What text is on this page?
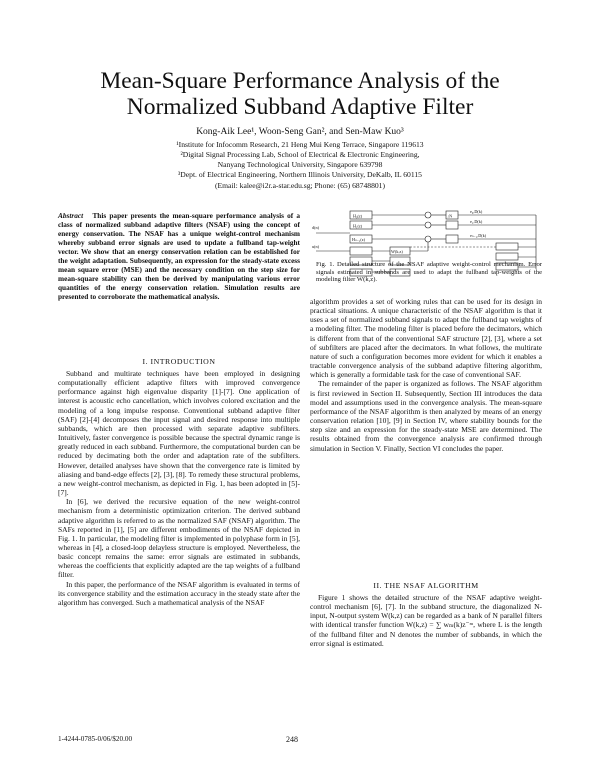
Mean-Square Performance Analysis of the
Normalized Subband Adaptive Filter
Kong-Aik Lee¹, Woon-Seng Gan², and Sen-Maw Kuo³
¹Institute for Infocomm Research, 21 Heng Mui Keng Terrace, Singapore 119613
²Digital Signal Processing Lab, School of Electrical & Electronic Engineering,
Nanyang Technological University, Singapore 639798
³Dept. of Electrical Engineering, Northern Illinois University, DeKalb, IL 60115
(Email: kalee@i2r.a-star.edu.sg; Phone: (65) 68748801)
Abstract This paper presents the mean-square performance analysis of a class of normalized subband adaptive filters (NSAF) using the concept of energy conservation. The NSAF has a unique weight-control mechanism whereby subband error signals are used to update a fullband tap-weight vector. We show that an energy conservation relation can be established for the weight adaptation. Subsequently, an expression for the steady-state excess mean square error (MSE) and the necessary condition on the step size for mean-square stability can then be derived by manipulating various error quantities of the energy conservation relation. Simulation results are presented to corroborate the mathematical analysis.
I. INTRODUCTION

Subband and multirate techniques have been employed in designing computationally efficient adaptive filters with improved convergence performance against high eigenvalue disparity [1]-[7]. One application of interest is acoustic echo cancellation, which involves colored excitation and the modeling of a long impulse response. Conventional subband adaptive filter (SAF) [2]-[4] decomposes the input signal and desired response into multiple subbands, which are then processed with separate adaptive subfilters. Intuitively, faster convergence is possible because the spectral dynamic range is greatly reduced in each subband. Furthermore, the computational burden can be reduced by decimating both the order and adaptation rate of the subfilters. However, detailed analyses have shown that the convergence rate is limited by aliasing and band-edge effects [2], [3], [8]. To remedy these structural problems, a new weight-control mechanism, as depicted in Fig. 1, has been adopted in [5]-[7].

In [6], we derived the recursive equation of the new weight-control mechanism from a deterministic optimization criterion. The derived subband adaptive algorithm is referred to as the normalized SAF (NSAF) algorithm. The SAFs reported in [1], [5] are different embodiments of the NSAF depicted in Fig. 1. In particular, the modeling filter is implemented in polyphase form in [5], whereas in [4], a closed-loop delayless structure is employed. Nevertheless, the basic concept remains the same: error signals are estimated in subbands, whereas the coefficients that explicitly adapted are the tap weights of a fullband filter.

In this paper, the performance of the NSAF algorithm is evaluated in terms of its convergence stability and the estimation accuracy in the steady state after the algorithm has converged. Such a mathematical analysis of the NSAF

d(n)
u(n)
H₀(z)
H₁(z)
Hₙ₋₁(z)
W(k,z)
↓N
e₀,D(k)
e₁,D(k)
eₙ₋₁,D(k)
Fig. 1. Detailed structure of the NSAF adaptive weight-control mechanism. Error signals estimated in subbands are used to adapt the fullband tap-weights of the modeling filter W(k,z).

algorithm provides a set of working rules that can be used for its design in practical situations. A unique characteristic of the NSAF algorithm is that it uses a set of normalized subband signals to adapt the fullband tap weights of a modeling filter. The modeling filter is placed before the decimators, which is different from that of the conventional SAF structure [2], [3], where a set of subfilters are placed after the decimators. In what follows, the multirate nature of such a configuration becomes more evident for which it enables a tractable convergence analysis of the subband adaptive filtering algorithm, which is generally a formidable task for the case of conventional SAF.

The remainder of the paper is organized as follows. The NSAF algorithm is first reviewed in Section II. Subsequently, Section III introduces the data model and assumptions used in the convergence analysis. The mean-square performance of the NSAF algorithm is then analyzed by means of an energy conservation relation [10], [9] in Section IV, where stability bounds for the step size and an expression for the steady-state MSE are determined. The results obtained from the convergence analysis are confirmed through simulation in Section V. Finally, Section VI concludes the paper.

II. THE NSAF ALGORITHM
Figure 1 shows the detailed structure of the NSAF adaptive weight-control mechanism [6], [7]. In the subband structure, the diagonalized N-input, N-output system W(k,z) can be regarded as a bank of N parallel filters with identical transfer function W(k,z) = ∑ wₘ(k)z⁻ᵐ, where L is the length of the fullband filter and N denotes the number of subbands, in which the error signal is estimated.
1-4244-0785-0/06/$20.00	248
